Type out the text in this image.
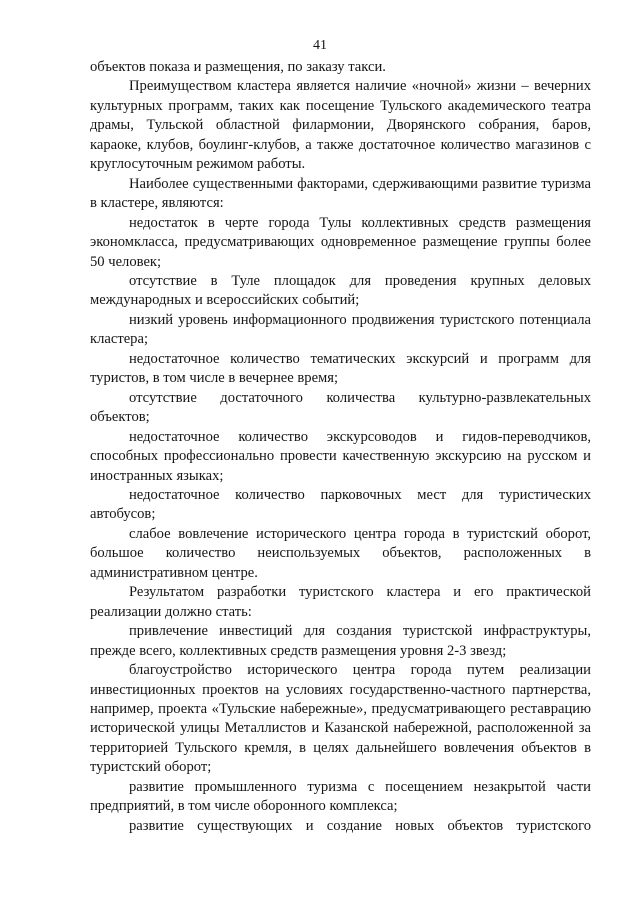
41

объектов показа и размещения, по заказу такси.

Преимуществом кластера является наличие «ночной» жизни – вечерних культурных программ, таких как посещение Тульского академического театра драмы, Тульской областной филармонии, Дворянского собрания, баров, караоке, клубов, боулинг-клубов, а также достаточное количество магазинов с круглосуточным режимом работы.

Наиболее существенными факторами, сдерживающими развитие туризма в кластере, являются:

недостаток в черте города Тулы коллективных средств размещения экономкласса, предусматривающих одновременное размещение группы более 50 человек;

отсутствие в Туле площадок для проведения крупных деловых международных и всероссийских событий;

низкий уровень информационного продвижения туристского потенциала кластера;

недостаточное количество тематических экскурсий и программ для туристов, в том числе в вечернее время;

отсутствие достаточного количества культурно-развлекательных объектов;

недостаточное количество экскурсоводов и гидов-переводчиков, способных профессионально провести качественную экскурсию на русском и иностранных языках;

недостаточное количество парковочных мест для туристических автобусов;

слабое вовлечение исторического центра города в туристский оборот, большое количество неиспользуемых объектов, расположенных в административном центре.

Результатом разработки туристского кластера и его практической реализации должно стать:

привлечение инвестиций для создания туристской инфраструктуры, прежде всего, коллективных средств размещения уровня 2-3 звезд;

благоустройство исторического центра города путем реализации инвестиционных проектов на условиях государственно-частного партнерства, например, проекта «Тульские набережные», предусматривающего реставрацию исторической улицы Металлистов и Казанской набережной, расположенной за территорией Тульского кремля, в целях дальнейшего вовлечения объектов в туристский оборот;

развитие промышленного туризма с посещением незакрытой части предприятий, в том числе оборонного комплекса;

развитие существующих и создание новых объектов туристского
